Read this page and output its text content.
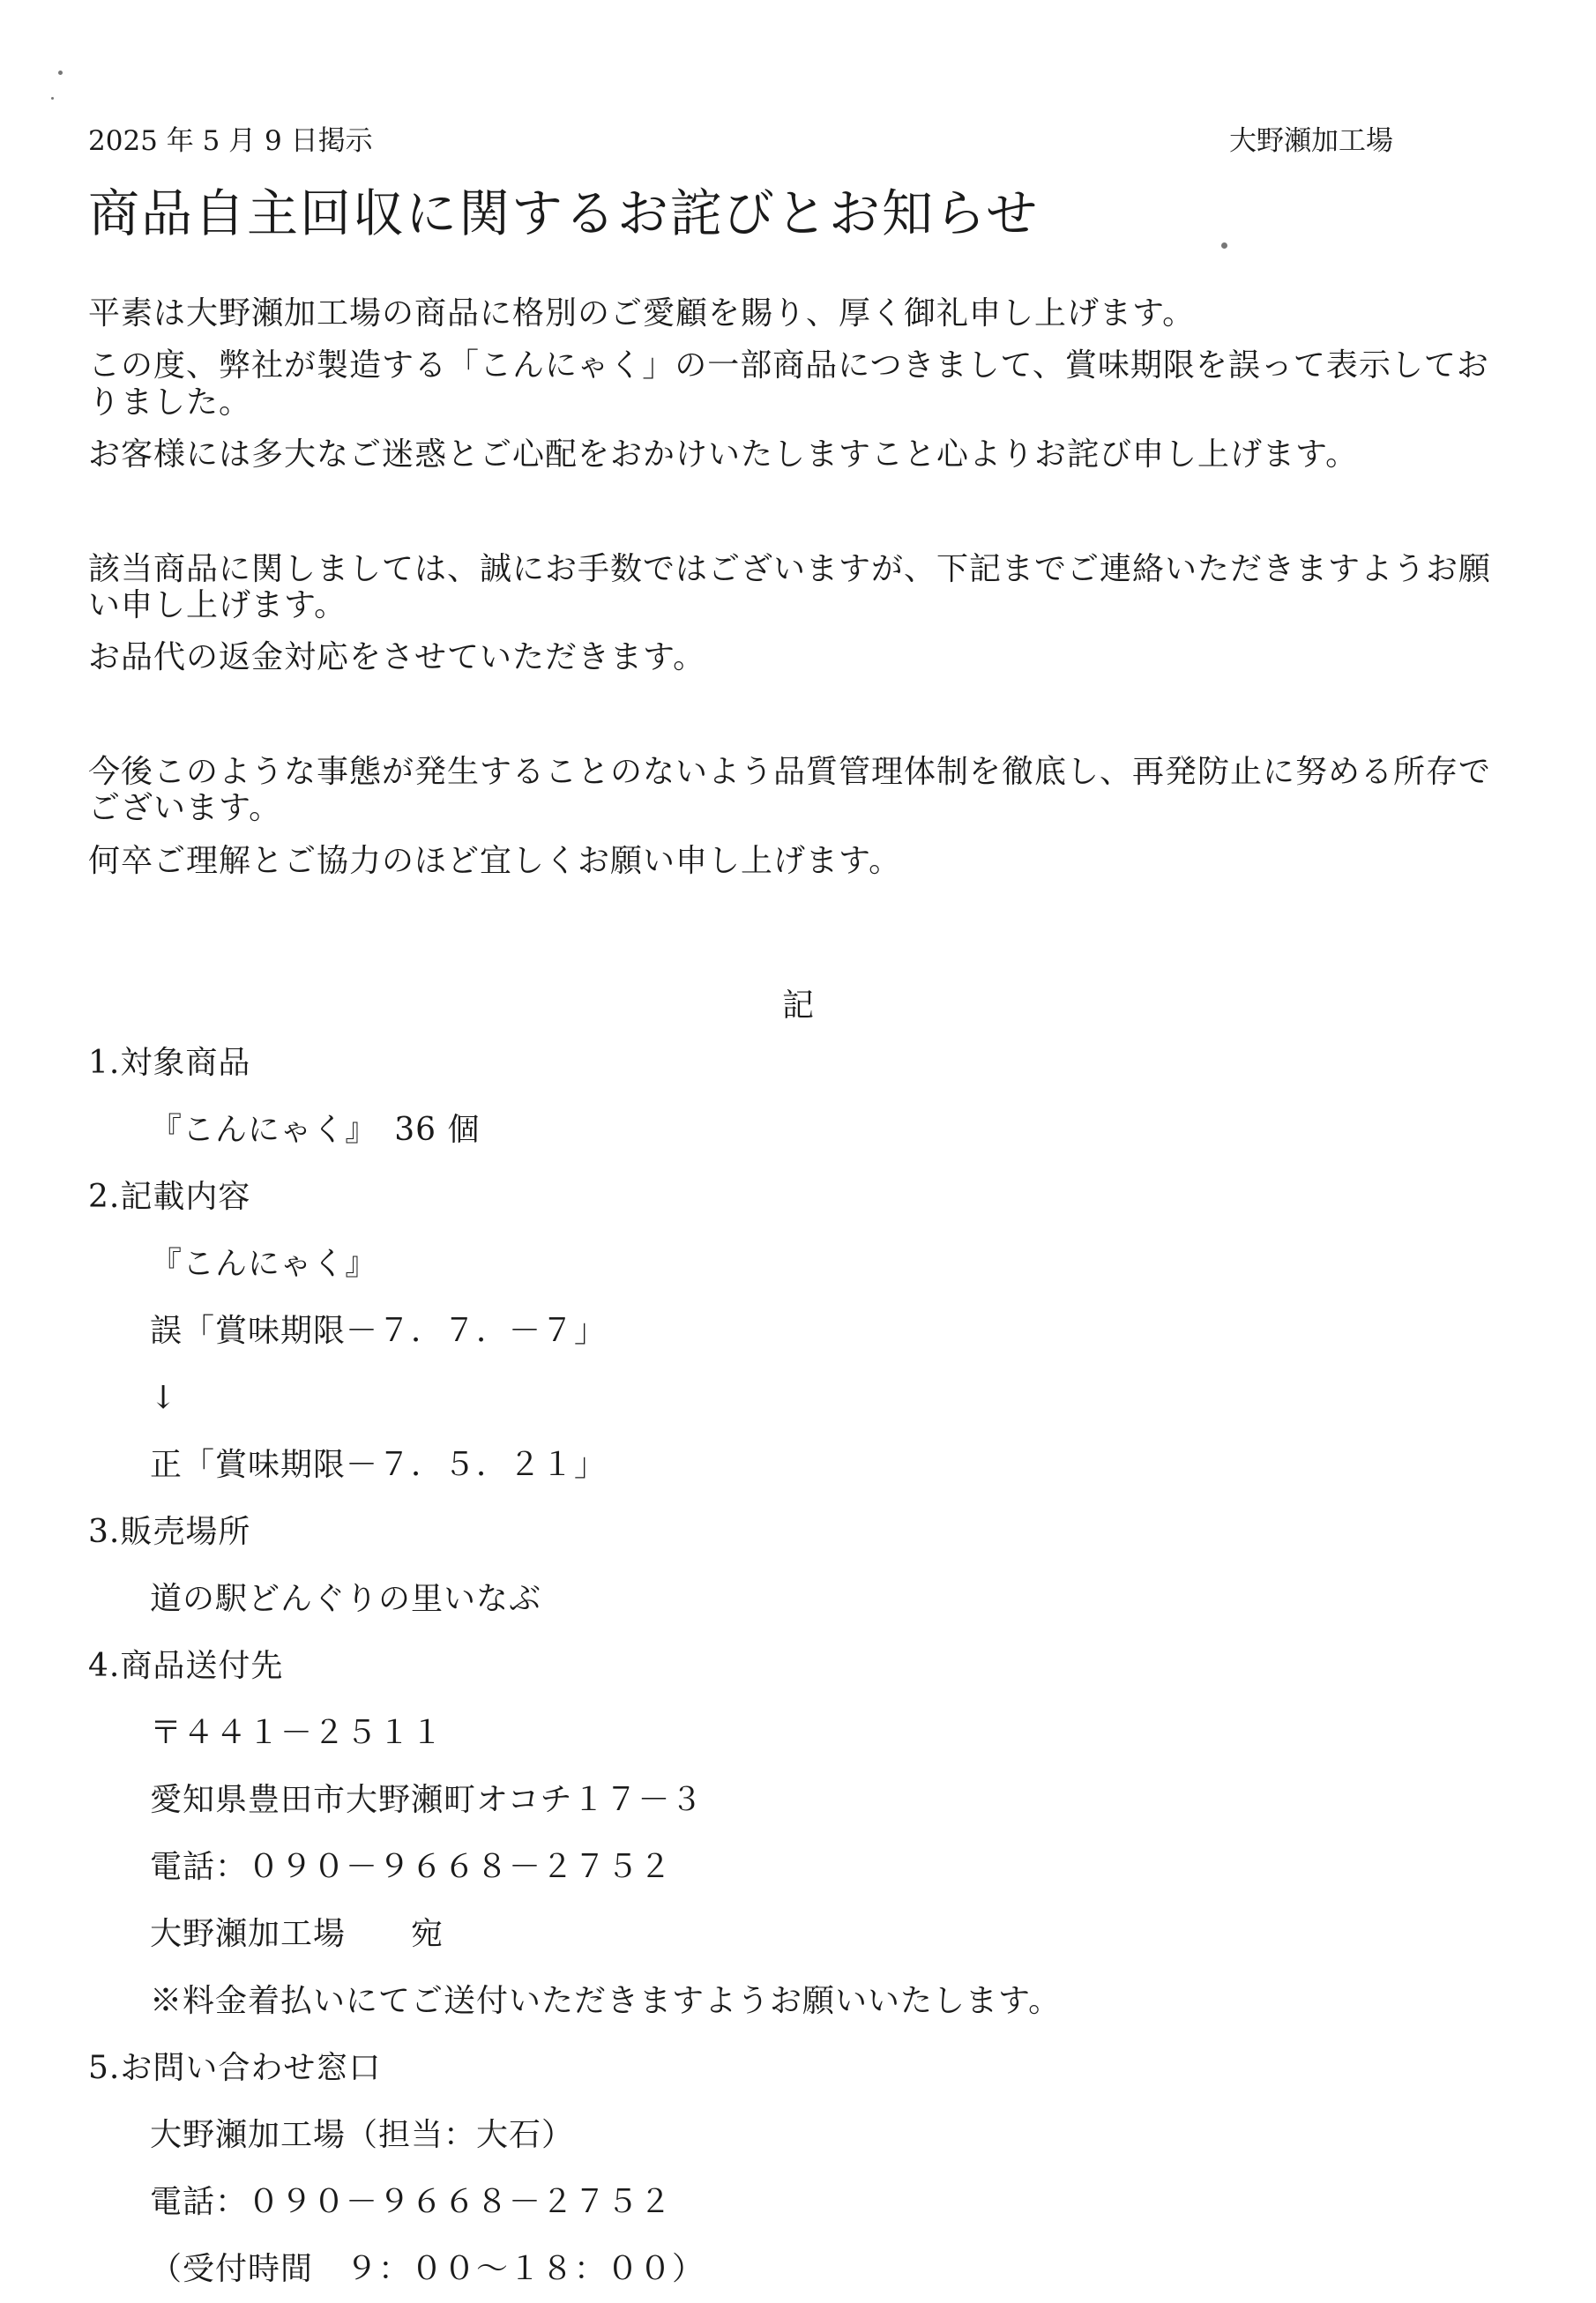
2025 年 5 月 9 日掲示	大野瀬加工場
商品自主回収に関するお詫びとお知らせ

平素は大野瀬加工場の商品に格別のご愛顧を賜り、厚く御礼申し上げます。

この度、弊社が製造する「こんにゃく」の一部商品につきまして、賞味期限を誤って表示しておりました。

お客様には多大なご迷惑とご心配をおかけいたしますこと心よりお詫び申し上げます。

該当商品に関しましては、誠にお手数ではございますが、下記までご連絡いただきますようお願い申し上げます。

お品代の返金対応をさせていただきます。

今後このような事態が発生することのないよう品質管理体制を徹底し、再発防止に努める所存でございます。

何卒ご理解とご協力のほど宜しくお願い申し上げます。

記
1.対象商品
『こんにゃく』　36 個
2.記載内容
『こんにゃく』
誤「賞味期限－７．７．－７」
↓
正「賞味期限－７．５．２１」
3.販売場所
道の駅どんぐりの里いなぶ
4.商品送付先
〒４４１－２５１１
愛知県豊田市大野瀬町オコチ１７－３
電話：０９０－９６６８－２７５２
大野瀬加工場　　宛
※料金着払いにてご送付いただきますようお願いいたします。
5.お問い合わせ窓口
大野瀬加工場（担当：大石）
電話：０９０－９６６８－２７５２
（受付時間　９：００～１８：００）
